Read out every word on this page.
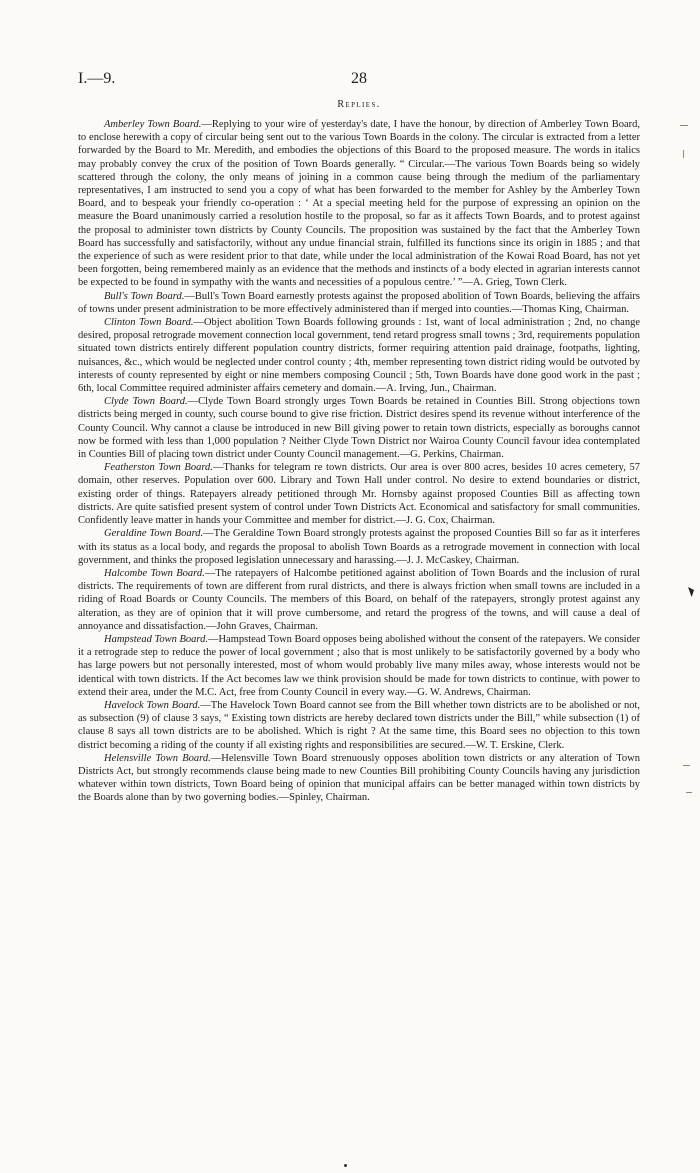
I.—9.	28
Replies.

Amberley Town Board.—Replying to your wire of yesterday's date, I have the honour, by direction of Amberley Town Board, to enclose herewith a copy of circular being sent out to the various Town Boards in the colony. The circular is extracted from a letter forwarded by the Board to Mr. Meredith, and embodies the objections of this Board to the proposed measure. The words in italics may probably convey the crux of the position of Town Boards generally. “ Circular.—The various Town Boards being so widely scattered through the colony, the only means of joining in a common cause being through the medium of the parliamentary representatives, I am instructed to send you a copy of what has been forwarded to the member for Ashley by the Amberley Town Board, and to bespeak your friendly co-operation : ‘ At a special meeting held for the purpose of expressing an opinion on the measure the Board unanimously carried a resolution hostile to the proposal, so far as it affects Town Boards, and to protest against the proposal to administer town districts by County Councils. The proposition was sustained by the fact that the Amberley Town Board has successfully and satisfactorily, without any undue financial strain, fulfilled its functions since its origin in 1885 ; and that the experience of such as were resident prior to that date, while under the local administration of the Kowai Road Board, has not yet been forgotten, being remembered mainly as an evidence that the methods and instincts of a body elected in agrarian interests cannot be expected to be found in sympathy with the wants and necessities of a populous centre.’ ”—A. Grieg, Town Clerk.

Bull's Town Board.—Bull's Town Board earnestly protests against the proposed abolition of Town Boards, believing the affairs of towns under present administration to be more effectively administered than if merged into counties.—Thomas King, Chairman.

Clinton Town Board.—Object abolition Town Boards following grounds : 1st, want of local administration ; 2nd, no change desired, proposal retrograde movement connection local government, tend retard progress small towns ; 3rd, requirements population situated town districts entirely different population country districts, former requiring attention paid drainage, footpaths, lighting, nuisances, &c., which would be neglected under control county ; 4th, member representing town district riding would be outvoted by interests of county represented by eight or nine members composing Council ; 5th, Town Boards have done good work in the past ; 6th, local Committee required administer affairs cemetery and domain.—A. Irving, Jun., Chairman.

Clyde Town Board.—Clyde Town Board strongly urges Town Boards be retained in Counties Bill. Strong objections town districts being merged in county, such course bound to give rise friction. District desires spend its revenue without interference of the County Council. Why cannot a clause be introduced in new Bill giving power to retain town districts, especially as boroughs cannot now be formed with less than 1,000 population ? Neither Clyde Town District nor Wairoa County Council favour idea contemplated in Counties Bill of placing town district under County Council management.—G. Perkins, Chairman.

Featherston Town Board.—Thanks for telegram re town districts. Our area is over 800 acres, besides 10 acres cemetery, 57 domain, other reserves. Population over 600. Library and Town Hall under control. No desire to extend boundaries or district, existing order of things. Ratepayers already petitioned through Mr. Hornsby against proposed Counties Bill as affecting town districts. Are quite satisfied present system of control under Town Districts Act. Economical and satisfactory for small communities. Confidently leave matter in hands your Committee and member for district.—J. G. Cox, Chairman.

Geraldine Town Board.—The Geraldine Town Board strongly protests against the proposed Counties Bill so far as it interferes with its status as a local body, and regards the proposal to abolish Town Boards as a retrograde movement in connection with local government, and thinks the proposed legislation unnecessary and harassing.—J. J. McCaskey, Chairman.

Halcombe Town Board.—The ratepayers of Halcombe petitioned against abolition of Town Boards and the inclusion of rural districts. The requirements of town are different from rural districts, and there is always friction when small towns are included in a riding of Road Boards or County Councils. The members of this Board, on behalf of the ratepayers, strongly protest against any alteration, as they are of opinion that it will prove cumbersome, and retard the progress of the towns, and will cause a deal of annoyance and dissatisfaction.—John Graves, Chairman.

Hampstead Town Board.—Hampstead Town Board opposes being abolished without the consent of the ratepayers. We consider it a retrograde step to reduce the power of local government ; also that is most unlikely to be satisfactorily governed by a body who has large powers but not personally interested, most of whom would probably live many miles away, whose interests would not be identical with town districts. If the Act becomes law we think provision should be made for town districts to continue, with power to extend their area, under the M.C. Act, free from County Council in every way.—G. W. Andrews, Chairman.

Havelock Town Board.—The Havelock Town Board cannot see from the Bill whether town districts are to be abolished or not, as subsection (9) of clause 3 says, “ Existing town districts are hereby declared town districts under the Bill,” while subsection (1) of clause 8 says all town districts are to be abolished. Which is right ? At the same time, this Board sees no objection to this town district becoming a riding of the county if all existing rights and responsibilities are secured.—W. T. Erskine, Clerk.

Helensville Town Board.—Helensville Town Board strenuously opposes abolition town districts or any alteration of Town Districts Act, but strongly recommends clause being made to new Counties Bill prohibiting County Councils having any jurisdiction whatever within town districts, Town Board being of opinion that municipal affairs can be better managed within town districts by the Boards alone than by two governing bodies.—Spinley, Chairman.
